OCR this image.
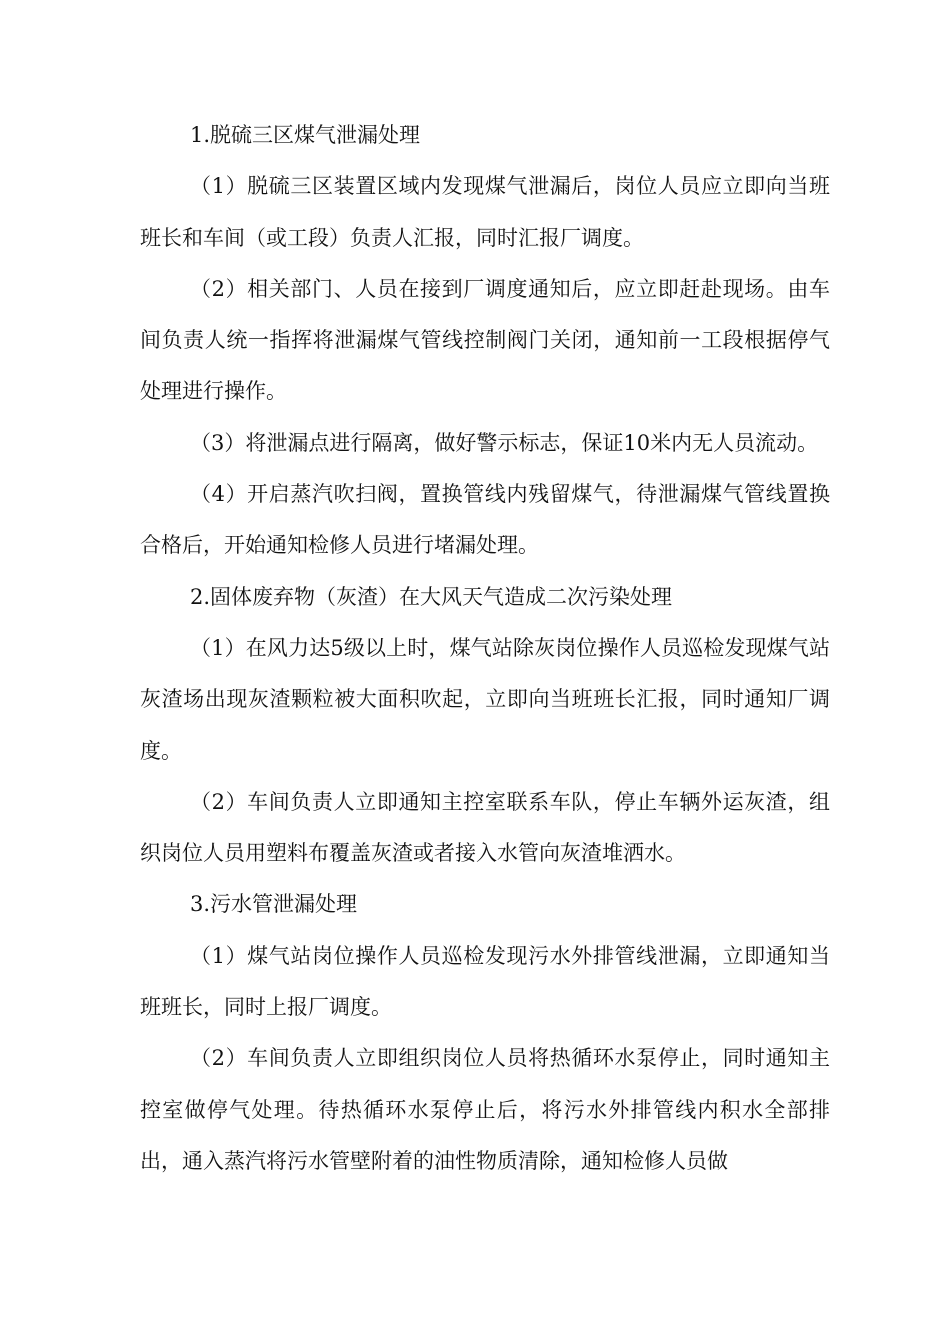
1.脱硫三区煤气泄漏处理

（1）脱硫三区装置区域内发现煤气泄漏后，岗位人员应立即向当班班长和车间（或工段）负责人汇报，同时汇报厂调度。

（2）相关部门、人员在接到厂调度通知后，应立即赶赴现场。由车间负责人统一指挥将泄漏煤气管线控制阀门关闭，通知前一工段根据停气处理进行操作。

（3）将泄漏点进行隔离，做好警示标志，保证10米内无人员流动。

（4）开启蒸汽吹扫阀，置换管线内残留煤气，待泄漏煤气管线置换合格后，开始通知检修人员进行堵漏处理。

2.固体废弃物（灰渣）在大风天气造成二次污染处理

（1）在风力达5级以上时，煤气站除灰岗位操作人员巡检发现煤气站灰渣场出现灰渣颗粒被大面积吹起，立即向当班班长汇报，同时通知厂调度。

（2）车间负责人立即通知主控室联系车队，停止车辆外运灰渣，组织岗位人员用塑料布覆盖灰渣或者接入水管向灰渣堆洒水。

3.污水管泄漏处理

（1）煤气站岗位操作人员巡检发现污水外排管线泄漏，立即通知当班班长，同时上报厂调度。

（2）车间负责人立即组织岗位人员将热循环水泵停止，同时通知主控室做停气处理。待热循环水泵停止后，将污水外排管线内积水全部排出，通入蒸汽将污水管壁附着的油性物质清除，通知检修人员做
